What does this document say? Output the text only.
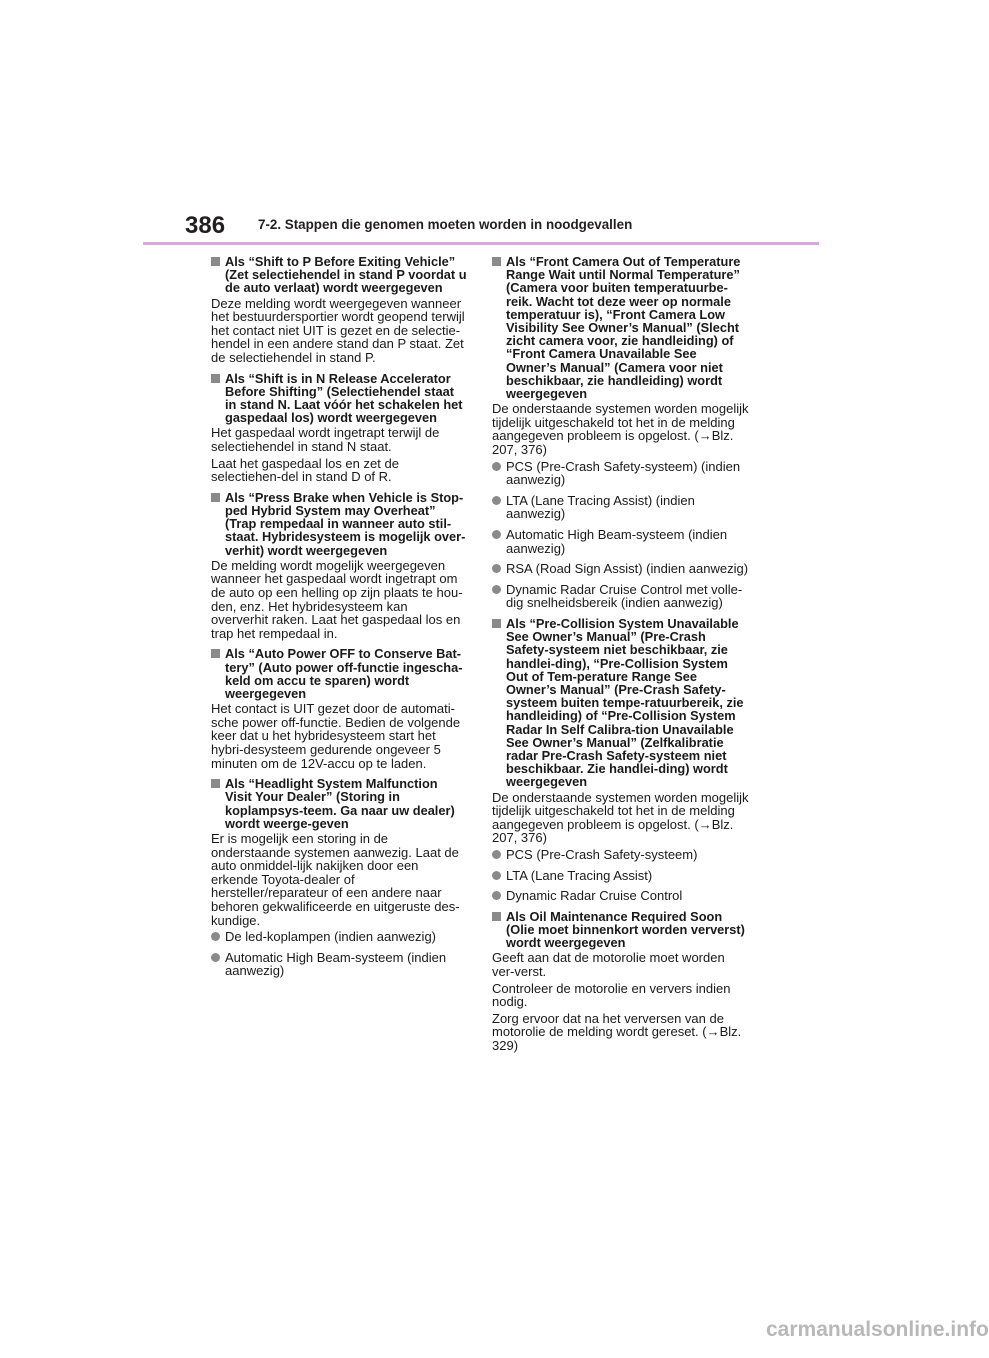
386 7-2. Stappen die genomen moeten worden in noodgevallen
Als “Shift to P Before Exiting Vehicle” (Zet selectiehendel in stand P voordat u de auto verlaat) wordt weergegeven

Deze melding wordt weergegeven wanneer het bestuurdersportier wordt geopend terwijl het contact niet UIT is gezet en de selectie-hendel in een andere stand dan P staat. Zet de selectiehendel in stand P.

Als “Shift is in N Release Accelerator Before Shifting” (Selectiehendel staat in stand N. Laat vóór het schakelen het gaspedaal los) wordt weergegeven

Het gaspedaal wordt ingetrapt terwijl de selectiehendel in stand N staat.

Laat het gaspedaal los en zet de selectiehen-del in stand D of R.

Als “Press Brake when Vehicle is Stop-ped Hybrid System may Overheat” (Trap rempedaal in wanneer auto stil-staat. Hybridesysteem is mogelijk over-verhit) wordt weergegeven

De melding wordt mogelijk weergegeven wanneer het gaspedaal wordt ingetrapt om de auto op een helling op zijn plaats te hou-den, enz. Het hybridesysteem kan oververhit raken. Laat het gaspedaal los en trap het rempedaal in.

Als “Auto Power OFF to Conserve Bat-tery” (Auto power off-functie ingescha-keld om accu te sparen) wordt weergegeven

Het contact is UIT gezet door de automati-sche power off-functie. Bedien de volgende keer dat u het hybridesysteem start het hybri-desysteem gedurende ongeveer 5 minuten om de 12V-accu op te laden.

Als “Headlight System Malfunction Visit Your Dealer” (Storing in koplampsys-teem. Ga naar uw dealer) wordt weerge-geven

Er is mogelijk een storing in de onderstaande systemen aanwezig. Laat de auto onmiddel-lijk nakijken door een erkende Toyota-dealer of hersteller/reparateur of een andere naar behoren gekwalificeerde en uitgeruste des-kundige.

De led-koplampen (indien aanwezig)
Automatic High Beam-systeem (indien aanwezig)
Als “Front Camera Out of Temperature Range Wait until Normal Temperature” (Camera voor buiten temperatuurbe-reik. Wacht tot deze weer op normale temperatuur is), “Front Camera Low Visibility See Owner’s Manual” (Slecht zicht camera voor, zie handleiding) of “Front Camera Unavailable See Owner’s Manual” (Camera voor niet beschikbaar, zie handleiding) wordt weergegeven

De onderstaande systemen worden mogelijk tijdelijk uitgeschakeld tot het in de melding aangegeven probleem is opgelost. (→Blz. 207, 376)

PCS (Pre-Crash Safety-systeem) (indien aanwezig)
LTA (Lane Tracing Assist) (indien aanwezig)
Automatic High Beam-systeem (indien aanwezig)
RSA (Road Sign Assist) (indien aanwezig)
Dynamic Radar Cruise Control met volle-dig snelheidsbereik (indien aanwezig)
Als “Pre-Collision System Unavailable See Owner’s Manual” (Pre-Crash Safety-systeem niet beschikbaar, zie handlei-ding), “Pre-Collision System Out of Tem-perature Range See Owner’s Manual” (Pre-Crash Safety-systeem buiten tempe-ratuurbereik, zie handleiding) of “Pre-Collision System Radar In Self Calibra-tion Unavailable See Owner’s Manual” (Zelfkalibratie radar Pre-Crash Safety-systeem niet beschikbaar. Zie handlei-ding) wordt weergegeven

De onderstaande systemen worden mogelijk tijdelijk uitgeschakeld tot het in de melding aangegeven probleem is opgelost. (→Blz. 207, 376)

PCS (Pre-Crash Safety-systeem)
LTA (Lane Tracing Assist)
Dynamic Radar Cruise Control
Als Oil Maintenance Required Soon (Olie moet binnenkort worden ververst) wordt weergegeven

Geeft aan dat de motorolie moet worden ver-verst.

Controleer de motorolie en ververs indien nodig.

Zorg ervoor dat na het verversen van de motorolie de melding wordt gereset. (→Blz. 329)

carmanualsonline.info
